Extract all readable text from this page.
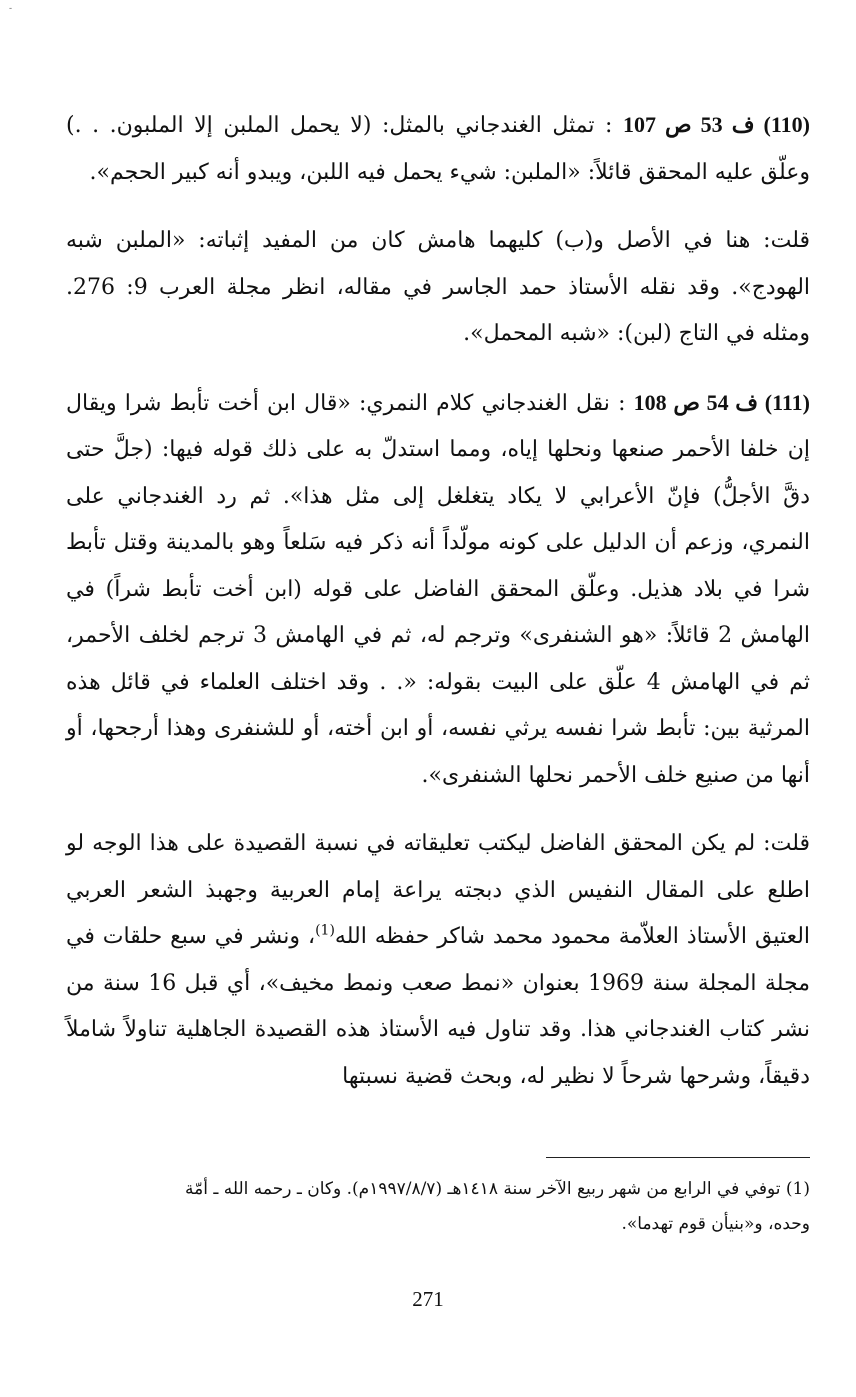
-

(110) ف 53 ص 107 : تمثل الغندجاني بالمثل: (لا يحمل الملبن إلا الملبون. . .) وعلّق عليه المحقق قائلاً: «الملبن: شيء يحمل فيه اللبن، ويبدو أنه كبير الحجم».

قلت: هنا في الأصل و(ب) كليهما هامش كان من المفيد إثباته: «الملبن شبه الهودج». وقد نقله الأستاذ حمد الجاسر في مقاله، انظر مجلة العرب 9: 276. ومثله في التاج (لبن): «شبه المحمل».

(111) ف 54 ص 108 : نقل الغندجاني كلام النمري: «قال ابن أخت تأبط شرا ويقال إن خلفا الأحمر صنعها ونحلها إياه، ومما استدلّ به على ذلك قوله فيها: (جلَّ حتى دقَّ الأجلُّ) فإنّ الأعرابي لا يكاد يتغلغل إلى مثل هذا». ثم رد الغندجاني على النمري، وزعم أن الدليل على كونه مولّداً أنه ذكر فيه سَلعاً وهو بالمدينة وقتل تأبط شرا في بلاد هذيل. وعلّق المحقق الفاضل على قوله (ابن أخت تأبط شراً) في الهامش 2 قائلاً: «هو الشنفرى» وترجم له، ثم في الهامش 3 ترجم لخلف الأحمر، ثم في الهامش 4 علّق على البيت بقوله: «. . وقد اختلف العلماء في قائل هذه المرثية بين: تأبط شرا نفسه يرثي نفسه، أو ابن أخته، أو للشنفرى وهذا أرجحها، أو أنها من صنيع خلف الأحمر نحلها الشنفرى».

قلت: لم يكن المحقق الفاضل ليكتب تعليقاته في نسبة القصيدة على هذا الوجه لو اطلع على المقال النفيس الذي دبجته يراعة إمام العربية وجهبذ الشعر العربي العتيق الأستاذ العلاّمة محمود محمد شاكر حفظه الله$^{(1)}$، ونشر في سبع حلقات في مجلة المجلة سنة 1969 بعنوان «نمط صعب ونمط مخيف»، أي قبل 16 سنة من نشر كتاب الغندجاني هذا. وقد تناول فيه الأستاذ هذه القصيدة الجاهلية تناولاً شاملاً دقيقاً، وشرحها شرحاً لا نظير له، وبحث قضية نسبتها

(1) توفي في الرابع من شهر ربيع الآخر سنة ١٤١٨هـ (١٩٩٧/٨/٧م). وكان ـ رحمه الله ـ أمّة
وحده، و«بنيأن قوم تهدما».
271
